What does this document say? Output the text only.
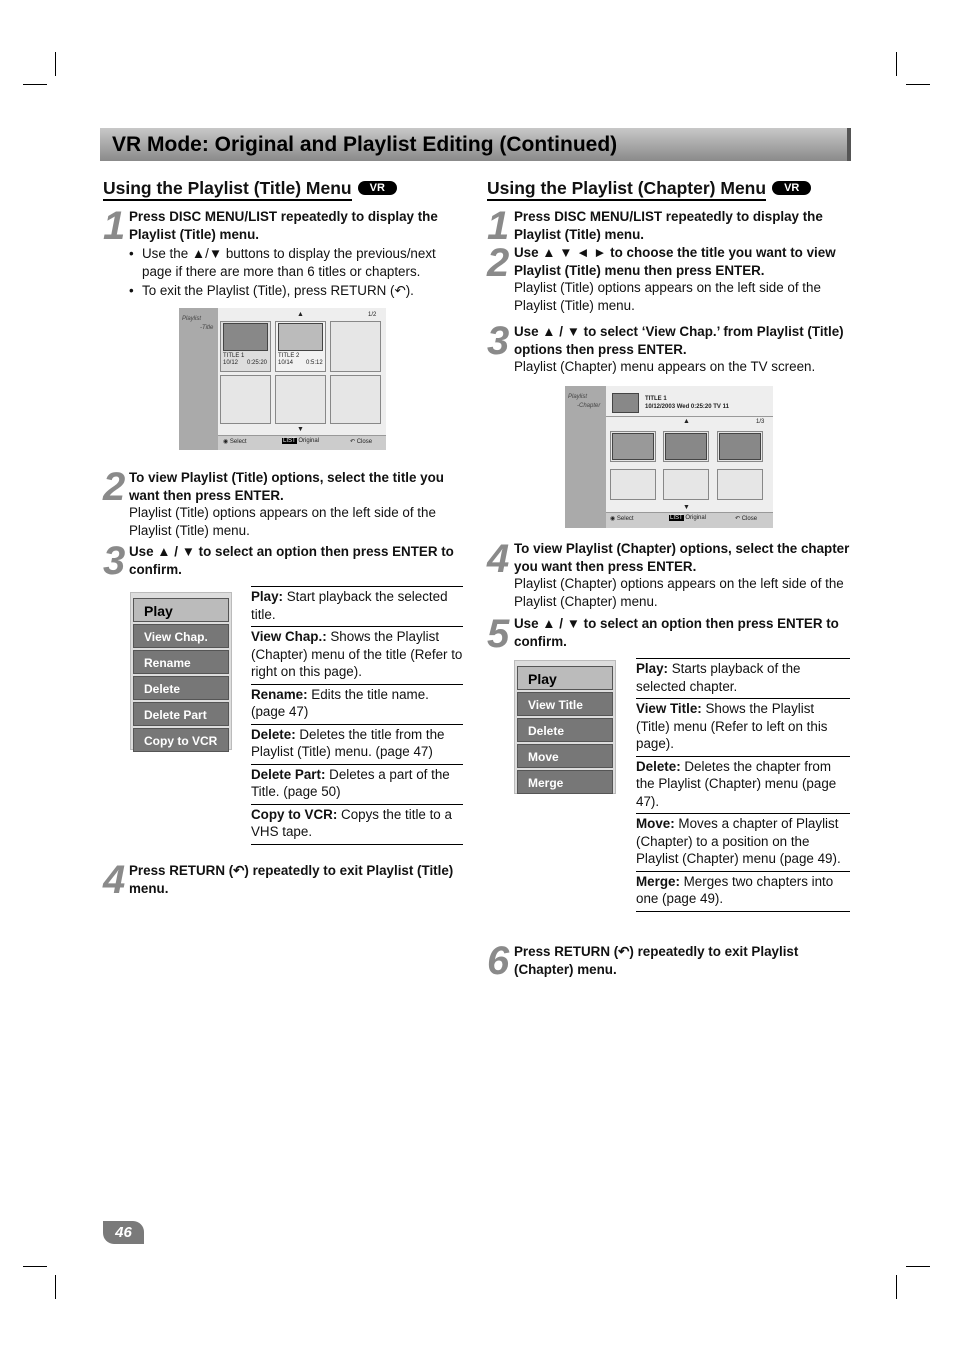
VR Mode: Original and Playlist Editing (Continued)
Using the Playlist (Title) Menu VR
1 Press DISC MENU/LIST repeatedly to display the Playlist (Title) menu.
• Use the ▲/▼ buttons to display the previous/next page if there are more than 6 titles or chapters.
• To exit the Playlist (Title), press RETURN (↶).
Playlist
-Title
▲	1/2
TITLE 1
10/12 0:25:20
TITLE 2
10/14 0:5:12
▼
◉ Select	LIST Original	↶ Close
2 To view Playlist (Title) options, select the title you want then press ENTER.
Playlist (Title) options appears on the left side of the Playlist (Title) menu.
3 Use ▲ / ▼ to select an option then press ENTER to confirm.
Play
View Chap.
Rename
Delete
Delete Part
Copy to VCR
Play: Start playback the selected title.
View Chap.: Shows the Playlist (Chapter) menu of the title (Refer to right on this page).
Rename: Edits the title name. (page 47)
Delete: Deletes the title from the Playlist (Title) menu. (page 47)
Delete Part: Deletes a part of the Title. (page 50)
Copy to VCR: Copys the title to a VHS tape.
4 Press RETURN (↶) repeatedly to exit Playlist (Title) menu.
Using the Playlist (Chapter) Menu VR
1 Press DISC MENU/LIST repeatedly to display the Playlist (Title) menu.
2 Use ▲ ▼ ◄ ► to choose the title you want to view Playlist (Title) menu then press ENTER.
Playlist (Title) options appears on the left side of the Playlist (Title) menu.
3 Use ▲ / ▼ to select ‘View Chap.’ from Playlist (Title) options then press ENTER.
Playlist (Chapter) menu appears on the TV screen.
Playlist
-Chapter
TITLE 1
10/12/2003 Wed 0:25:20 TV 11
▲	1/3
▼
◉ Select	LIST Original	↶ Close
4 To view Playlist (Chapter) options, select the chapter you want then press ENTER.
Playlist (Chapter) options appears on the left side of the Playlist (Chapter) menu.
5 Use ▲ / ▼ to select an option then press ENTER to confirm.
Play
View Title
Delete
Move
Merge
Play: Starts playback of the selected chapter.
View Title: Shows the Playlist (Title) menu (Refer to left on this page).
Delete: Deletes the chapter from the Playlist (Chapter) menu (page 47).
Move: Moves a chapter of Playlist (Chapter) to a position on the Playlist (Chapter) menu (page 49).
Merge: Merges two chapters into one (page 49).
6 Press RETURN (↶) repeatedly to exit Playlist (Chapter) menu.
46
